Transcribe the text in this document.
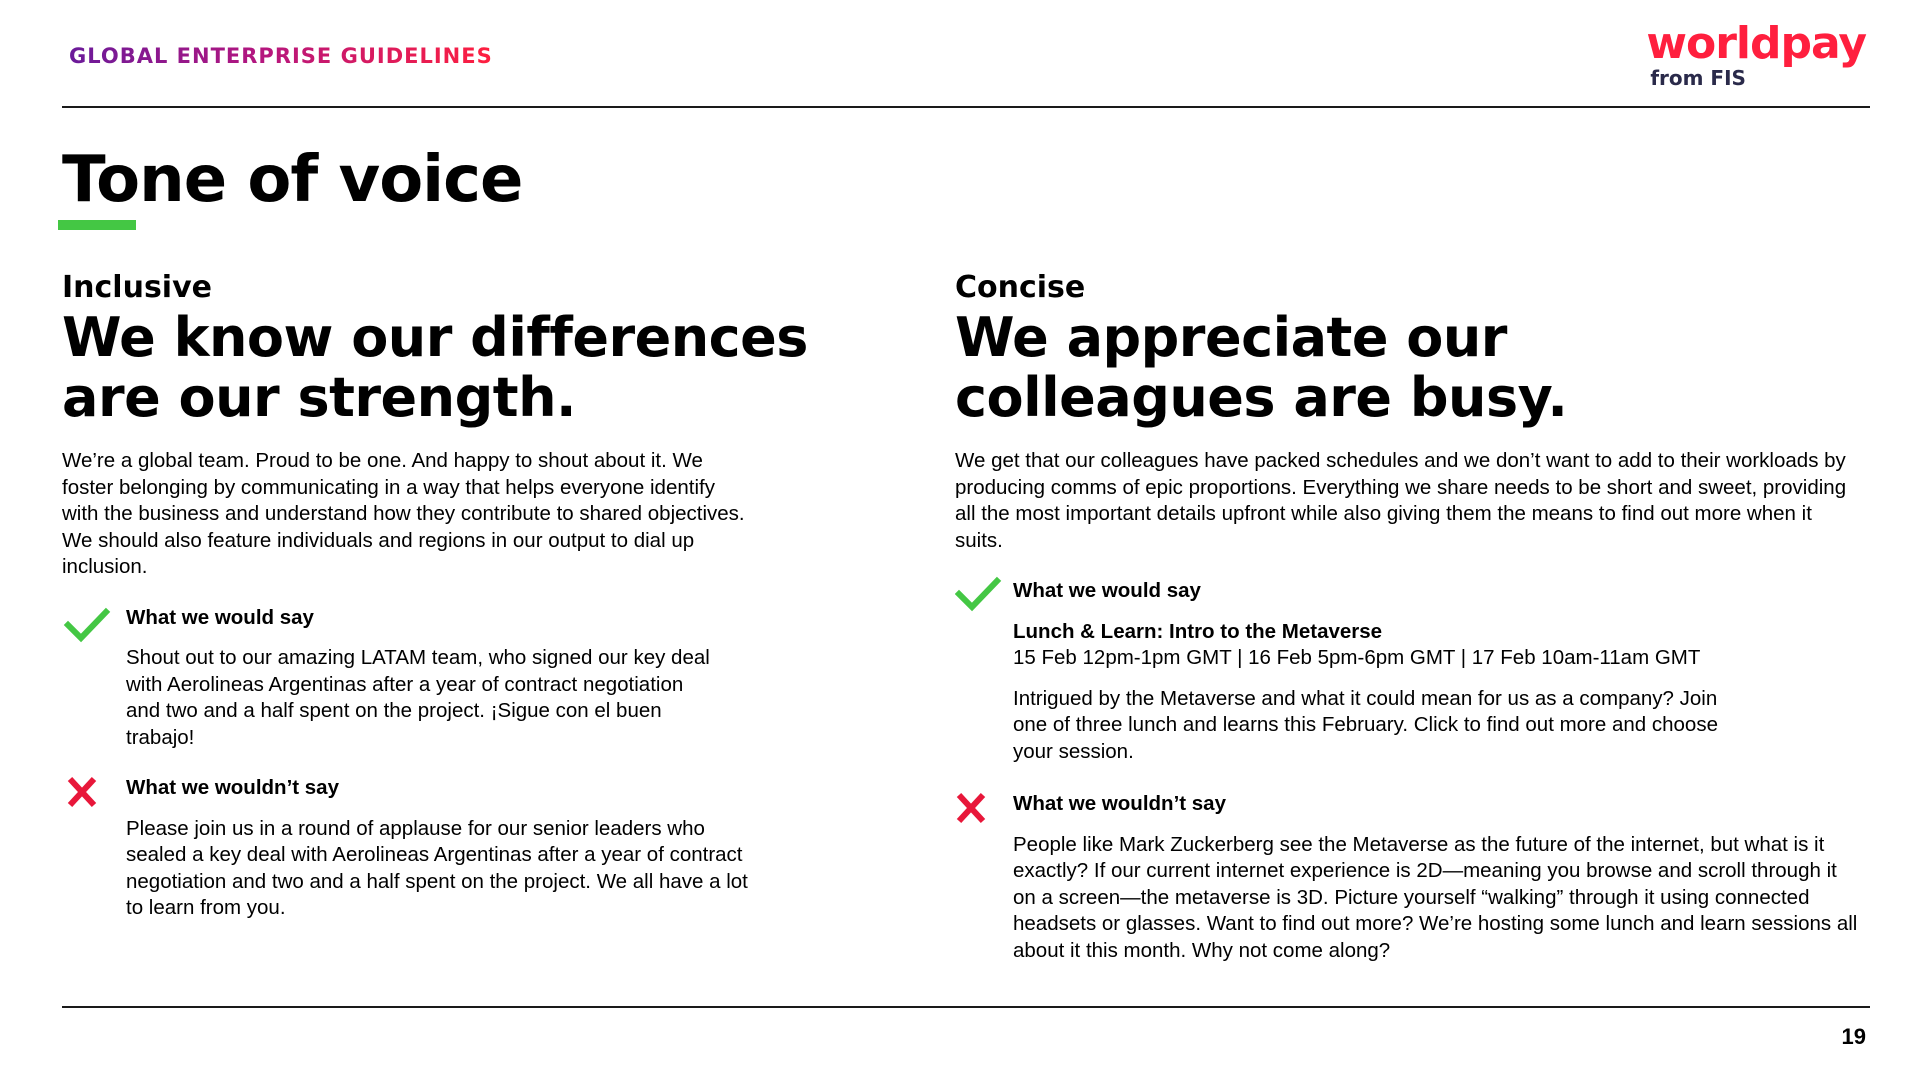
GLOBAL ENTERPRISE GUIDELINES	worldpay
from FIS
Tone of voice

Inclusive

We know our differences are our strength.

We’re a global team. Proud to be one. And happy to shout about it. We foster belonging by communicating in a way that helps everyone identify with the business and understand how they contribute to shared objectives. We should also feature individuals and regions in our output to dial up inclusion.

What we would say

Shout out to our amazing LATAM team, who signed our key deal with Aerolineas Argentinas after a year of contract negotiation and two and a half spent on the project. ¡Sigue con el buen trabajo!

What we wouldn’t say

Please join us in a round of applause for our senior leaders who sealed a key deal with Aerolineas Argentinas after a year of contract negotiation and two and a half spent on the project. We all have a lot to learn from you.

Concise

We appreciate our colleagues are busy.

We get that our colleagues have packed schedules and we don’t want to add to their workloads by producing comms of epic proportions. Everything we share needs to be short and sweet, providing all the most important details upfront while also giving them the means to find out more when it suits.

What we would say

Lunch & Learn: Intro to the Metaverse

15 Feb 12pm-1pm GMT | 16 Feb 5pm-6pm GMT | 17 Feb 10am-11am GMT

Intrigued by the Metaverse and what it could mean for us as a company? Join one of three lunch and learns this February. Click to find out more and choose your session.

What we wouldn’t say

People like Mark Zuckerberg see the Metaverse as the future of the internet, but what is it exactly? If our current internet experience is 2D—meaning you browse and scroll through it on a screen—the metaverse is 3D. Picture yourself “walking” through it using connected headsets or glasses. Want to find out more? We’re hosting some lunch and learn sessions all about it this month. Why not come along?

19
